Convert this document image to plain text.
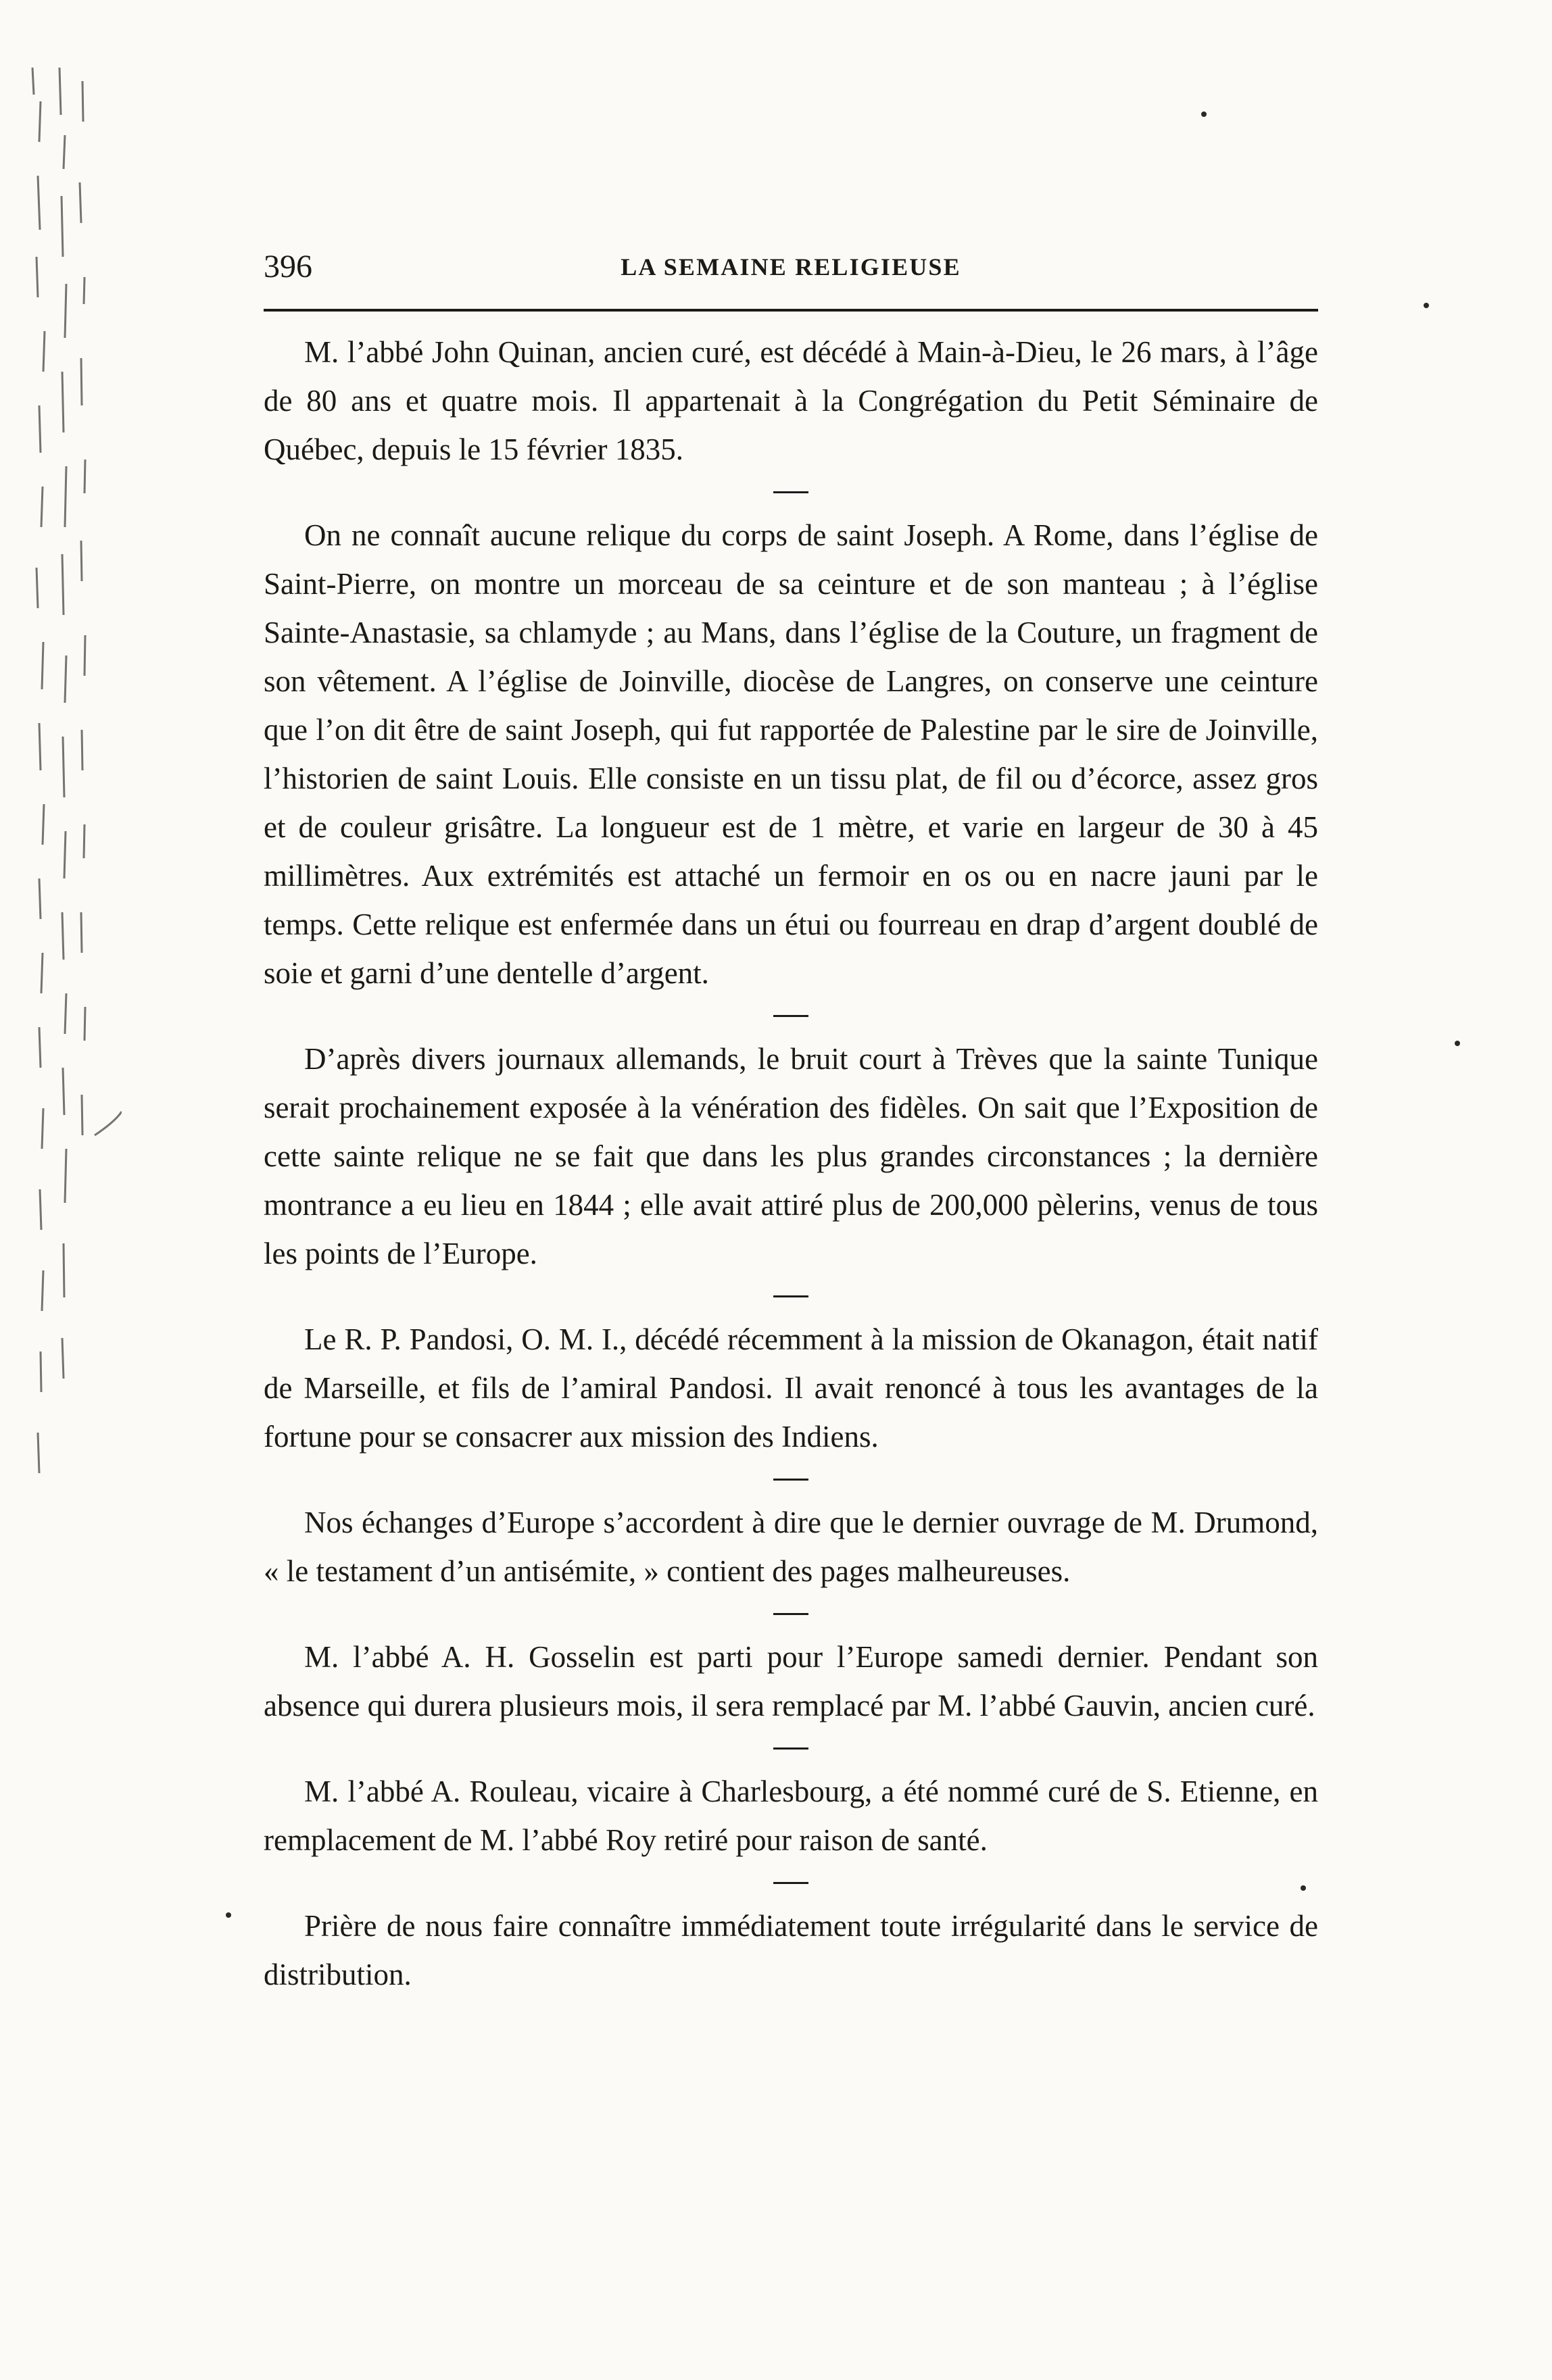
396	LA SEMAINE RELIGIEUSE

M. l’abbé John Quinan, ancien curé, est décédé à Main-à-Dieu, le 26 mars, à l’âge de 80 ans et quatre mois. Il appartenait à la Congrégation du Petit Séminaire de Québec, depuis le 15 février 1835.

On ne connaît aucune relique du corps de saint Joseph. A Rome, dans l’église de Saint-Pierre, on montre un morceau de sa ceinture et de son manteau ; à l’église Sainte-Anastasie, sa chlamyde ; au Mans, dans l’église de la Couture, un fragment de son vêtement. A l’église de Joinville, diocèse de Langres, on conserve une ceinture que l’on dit être de saint Joseph, qui fut rapportée de Palestine par le sire de Joinville, l’historien de saint Louis. Elle consiste en un tissu plat, de fil ou d’écorce, assez gros et de couleur grisâtre. La longueur est de 1 mètre, et varie en largeur de 30 à 45 millimètres. Aux extrémités est attaché un fermoir en os ou en nacre jauni par le temps. Cette relique est enfermée dans un étui ou fourreau en drap d’argent doublé de soie et garni d’une dentelle d’argent.

D’après divers journaux allemands, le bruit court à Trèves que la sainte Tunique serait prochainement exposée à la vénération des fidèles. On sait que l’Exposition de cette sainte relique ne se fait que dans les plus grandes circonstances ; la dernière montrance a eu lieu en 1844 ; elle avait attiré plus de 200,000 pèlerins, venus de tous les points de l’Europe.

Le R. P. Pandosi, O. M. I., décédé récemment à la mission de Okanagon, était natif de Marseille, et fils de l’amiral Pandosi. Il avait renoncé à tous les avantages de la fortune pour se consacrer aux mission des Indiens.

Nos échanges d’Europe s’accordent à dire que le dernier ouvrage de M. Drumond, « le testament d’un antisémite, » contient des pages malheureuses.

M. l’abbé A. H. Gosselin est parti pour l’Europe samedi dernier. Pendant son absence qui durera plusieurs mois, il sera remplacé par M. l’abbé Gauvin, ancien curé.

M. l’abbé A. Rouleau, vicaire à Charlesbourg, a été nommé curé de S. Etienne, en remplacement de M. l’abbé Roy retiré pour raison de santé.

Prière de nous faire connaître immédiatement toute irrégularité dans le service de distribution.
